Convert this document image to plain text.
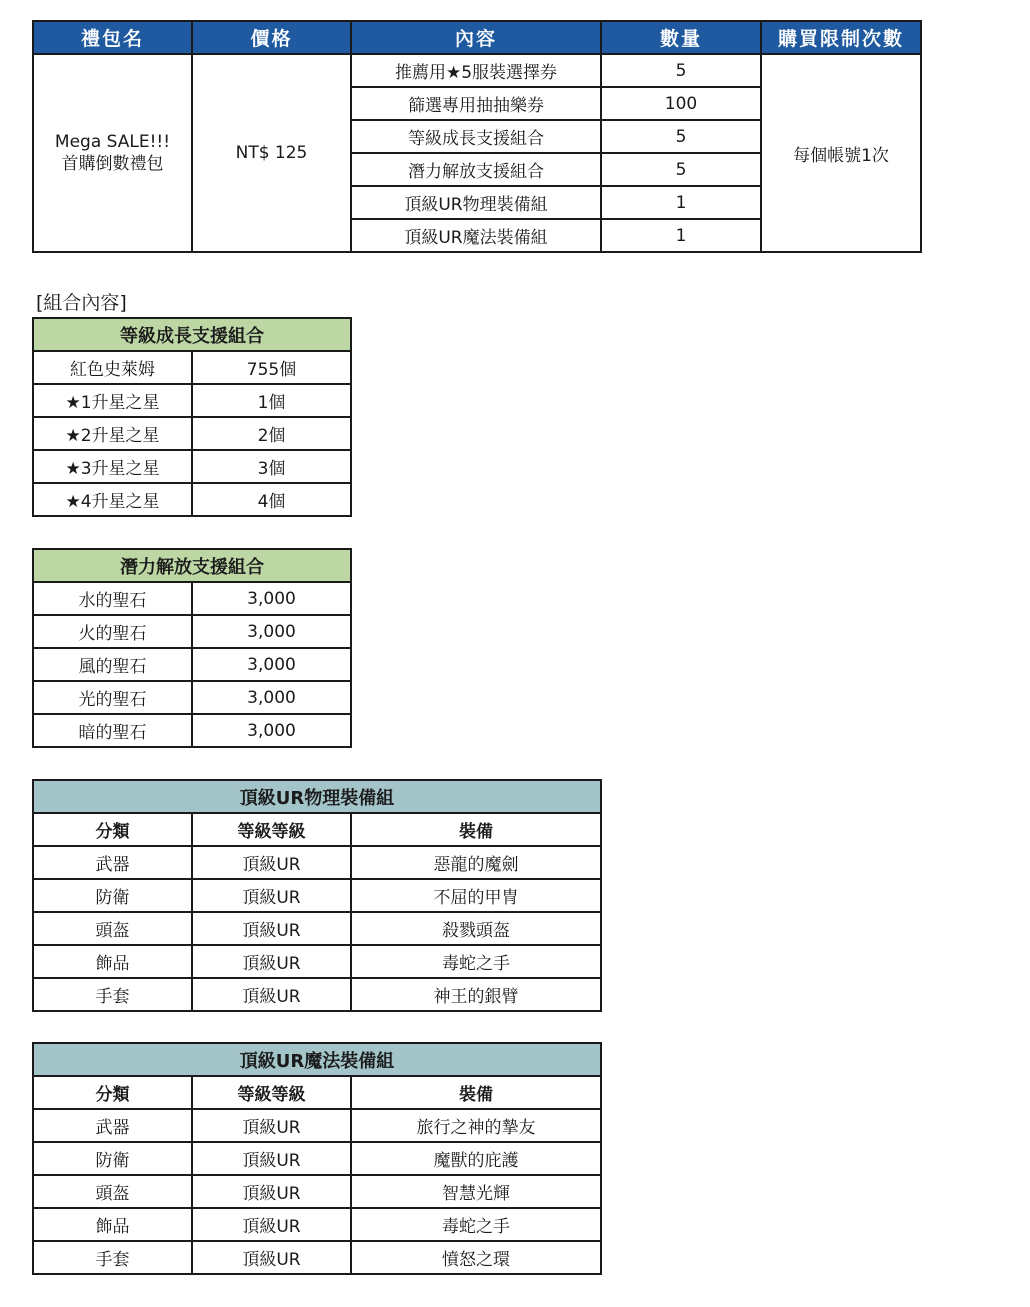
禮包名	價格	內容	數量	購買限制次數
Mega SALE!!! 首購倒數禮包	NT$ 125	推薦用★5服裝選擇券	5	每個帳號1次
		篩選專用抽抽樂券	100	
		等級成長支援組合	5	
		潛力解放支援組合	5	
		頂級UR物理裝備組	1	
		頂級UR魔法裝備組	1	
[組合內容]
等級成長支援組合	
紅色史萊姆	755個
★1升星之星	1個
★2升星之星	2個
★3升星之星	3個
★4升星之星	4個
潛力解放支援組合	
水的聖石	3,000
火的聖石	3,000
風的聖石	3,000
光的聖石	3,000
暗的聖石	3,000
頂級UR物理裝備組		
分類	等級等級	裝備
武器	頂級UR	惡龍的魔劍
防衛	頂級UR	不屈的甲冑
頭盔	頂級UR	殺戮頭盔
飾品	頂級UR	毒蛇之手
手套	頂級UR	神王的銀臂
頂級UR魔法裝備組		
分類	等級等級	裝備
武器	頂級UR	旅行之神的摯友
防衛	頂級UR	魔獸的庇護
頭盔	頂級UR	智慧光輝
飾品	頂級UR	毒蛇之手
手套	頂級UR	憤怒之環
